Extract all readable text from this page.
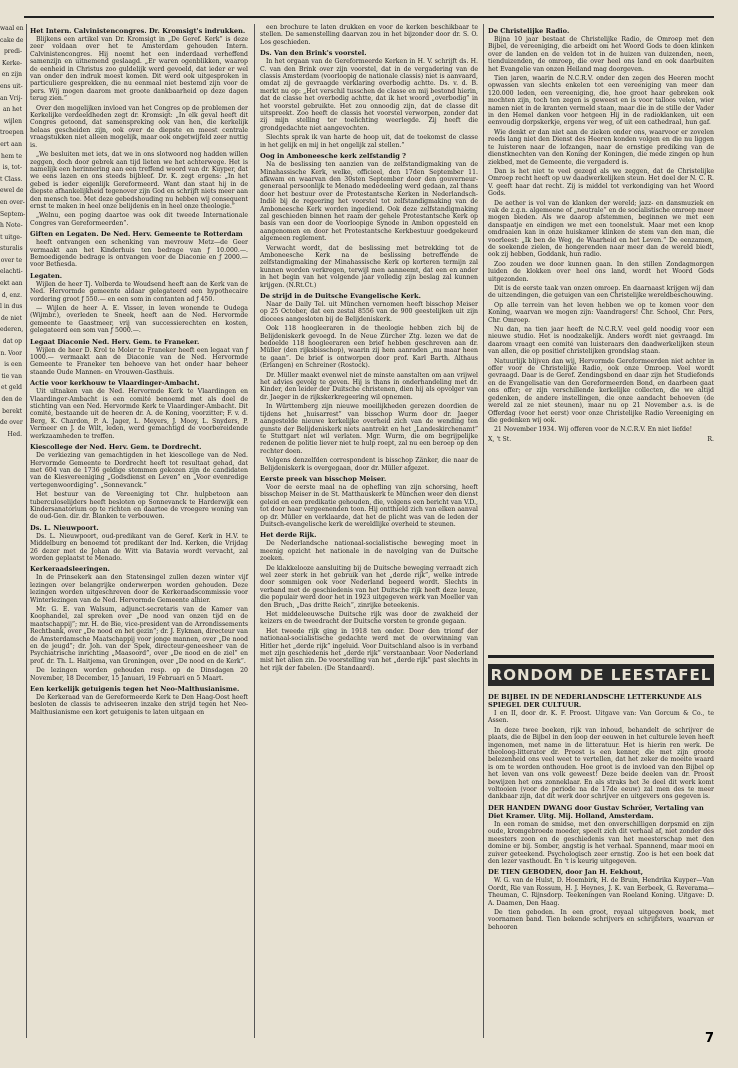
waal en

cake de

predi-

Kerke-

en zijn

ens uit-

an Vrij-

an het

wijlen

troepen

ert aan

hem te

is, tot-

t Class.

ewel de

en over-

Septem-

h Note-

t uitge-

sturalis

over te

elachti-

ekt aan

d, enz.

l in dus

de niet

ederen,

dat op

n. Voor

is een

tie van

et geld

den de

berekt

de over

Hed.

Het Intern. Calvinistencongres. Dr. Kromsigt's indrukken.

Blijkens een artikel van Dr. Kromsigt in „De Geref. Kerk” is deze zeer voldaan over het te Amsterdam gehouden Intern. Calvinistencongres. Hij noemt het een inderdaad verheffend samenzijn en uitnemend geslaagd. „Er waren ogenblikken, waarop de eenheid in Christus zoo guldelijk werd gevoeld, dat ieder er wel van onder den indruk moest komen. Dit werd ook uitgesproken in particuliere gesprekken, die nu eenmaal niet bestemd zijn voor de pers. Wij mogen daarom met groote dankbaarheid op deze dagen terug zien.”

Over den mogelijken invloed van het Congres op de problemen der Kerkelijke verdeeldheden zegt dr. Kromsigt: „In elk geval heeft dit Congres getoond, dat samenspreking ook van hen, die kerkelijk helaas gescheiden zijn, ook over de diepste en meest centrale vraagstukken niet alleen mogelijk, maar ook ongetwijfeld zeer nuttig is.

„We besluiten met iets, dat we in ons slotwoord nog hadden willen zeggen, doch door gebrek aan tijd lieten we het achterwege. Het is namelijk een herinnering aan een treffend woord van dr. Kuyper, dat we eens lazen en ons steeds bijbleef. Dr. K. zegt ergens: „In het gebed is ieder eigenlijk Gereformeerd. Want dan staat hij in de diepste afhankelijkheid tegenover zijn God en schrijft niets meer aan den mensch toe. Met deze gebedshouding nu hebben wij consequent ernst te maken in heel onze belijdenis en in heel onze theologie.”

„Welnu, een poging daartoe was ook dit tweede Internationale Congres van Gereformeerden”.

Giften en Legaten. De Ned. Herv. Gemeente te Rotterdam

heeft ontvangen een schenking van mevrouw Metz—de Geer vermaakt aan het Kinderhuis ten bedrage van ƒ 10.000.—. Bemoedigende bedrage is ontvangen voor de Diaconie en ƒ 2000.— voor Bethesda.

Legaten.

Wijlen de heer Tj. Volberda te Woudsend heeft aan de Kerk van de Ned. Hervormde gemeente aldaar gelegateerd een hypothecaire vordering groot ƒ 550.— en een som in contanten ad ƒ 450.

— Wijlen de heer A. E. Visser, in leven wonende te Oudega (Wijmbr.), overleden te Sneek, heeft aan de Ned. Hervormde gemeente te Gaastmeer, vrij van successierechten en kosten, gelegateerd een som van ƒ 5000.—.

Legaat Diaconie Ned. Herv. Gem. te Franeker.

Wijlen de heer D. Krol te Moler te Franeker heeft een legaat van ƒ 1000.— vermaakt aan de Diaconie van de Ned. Hervormde Gemeente te Franeker ten behoeve van het onder haar beheer staande Oude Mannen- en Vrouwen-Gasthuis.

Actie voor kerkhouw te Vlaardinger-Ambacht.

Uit ultnaken van de Ned. Hervormde Kerk te Vlaardingen en Vlaardinger-Ambacht is een comité benoemd met als doel de stichting van een Ned. Hervormde Kerk te Vlaardinger-Ambacht. Dit comité, bestaande uit de heeren dr. A. de Koning, voorzitter; F. v. d. Berg, K. Chardon, P. A. Jager, L. Meyers, J. Mooy, L. Snyders, P. Vermeer en J. de Wilt, leden, werd gemachtigd de voorbereidende werkzaamheden te treffen.

Kiescollege der Ned. Herv. Gem. te Dordrecht.

De verkiezing van gemachtigden in het kiescollege van de Ned. Hervormde Gemeente te Dordrecht heeft tot resultaat gehad, dat met 604 van de 1736 geldige stemmen gekozen zijn de candidaten van de Kiesvereeniging „Godsdienst en Leven” en „Voor evenredige vertegenwoordiging”. „Sonnevanck.”

Het bestuur van de Vereeniging tot Chr. hulpbetoon aan tuberculoselijders heeft besloten op Sonnevanck te Harderwijk een Kindersanatorium op te richten en daartoe de vroegere woning van de oud-Gen. dir. dr. Blanken te verbouwen.

Ds. L. Nieuwpoort.

Ds. L. Nieuwpoort, oud-predikant van de Geref. Kerk in H.V. te Middelburg en benoemd tot predikant der Ind. Kerken, die Vrijdag 26 dezer met de Johan de Witt via Batavia wordt vervacht, zal worden geplaatst te Menado.

Kerkeraadsleeringen.

In de Prinsekerk aan den Statensingel zullen dezen winter vijf lezingen over belangrijke onderwerpen worden gehouden. Deze lezingen worden uitgeschreven door de Kerkeraadscommissie voor Winterlezingen van de Ned. Hervormde Gemeente alhier.

Mr. G. E. van Walsum, adjunct-secretaris van de Kamer van Koophandel, zal spreken over „De nood van onzen tijd en de maatschappij”; mr. H. de Bie, vice-president van de Arrondissements Rechtbank, over „De nood en het gezin”; dr. J. Eykman, directeur van de Amsterdamsche Maatschappij voor jonge mannen, over „De nood en de jeugd”; dr. Joh. van der Spek, directeur-geneesheer van de Psychiatrische inrichting „Maasoord”, over „De nood en de ziel” en prof. dr. Th. L. Haitjema, van Groningen, over „De nood en de Kerk”.

De lezingen worden gehouden resp. op de Dinsdagen 20 November, 18 December, 15 Januari, 19 Februari en 5 Maart.

Een kerkelijk getuigenis tegen het Neo-Malthusianisme.

De Kerkeraad van de Gereformeerde Kerk te Den Haag-Oost heeft besloten de classis te adviseeren inzake den strijd tegen het Neo-Malthusianisme een kort getuigenis te laten uitgaan en

een brochure te laten drukken en voor de kerken beschikbaar te stellen. De samenstelling daarvan zou in het bijzonder door dr. S. O. Los geschieden.

Ds. Van den Brink's voorstel.

In het orgaan van de Gereformeerde Kerken in H. V. schrijft ds. H. C. van den Brink over zijn voorstel, dat in de vergadering van de classis Amsterdam (voorloopig de nationale classis) niet is aanvaard, omdat zij de gevraagde verklaring overbodig achtte. Ds. v. d. B. merkt nu op: „Het verschil tusschen de classe en mij bestond hierin, dat de classe het overbodig achtte, dat ik het woord „overbodig” in het voorstel gebruikte. Het zou onnoodig zijn, dat de classe dit uitspreekt. Zoo heeft de classis het voorstel verworpen, zonder dat zij mijn stelling ter toelichting weerlegde. Zij heeft die grondgedachte niet aangevochten.

Slechts sprak ik van harte de hoop uit, dat de toekomst de classe in het gelijk en mij in het ongelijk zal stellen.”

Oog in Amboneesche kerk zelfstandig ?

Na de beslissing ten aanzien van de zelfstandigmaking van de Minahassische Kerk, welke, officieel, den 17den September 11. afkwam en waarvan den 30sten September door den gouverneur-generaal persoonlijk te Menado mededeeling werd gedaan, zal thans door het bestuur over de Protestantsche Kerken in Nederlandsch-Indië bij de regeering het voorstel tot zelfstandigmaking van de Amboneesche Kerk worden ingediend. Ook deze zelfstandigmaking zal geschieden binnen het raam der gehele Protestantsche Kerk op basis van een door de Voorloopige Synode in Ambon opgesteld en aangenomen en door het Protestantsche Kerkbestuur goedgekeurd algemeen reglement.

Verwacht wordt, dat de beslissing met betrekking tot de Amboneesche Kerk na de beslissing betreffende de zelfstandigmaking der Minahassische Kerk op korteren termijn zal kunnen worden verkregen, terwijl men aanneemt, dat een en ander in het begin van het volgende jaar volledig zijn beslag zal kunnen krijgen. (N.Rt.Ct.)

De strijd in de Duitsche Evangelische Kerk.

Naar de Daily Tel. uit München vernomen heeft bisschop Meiser op 25 October, dat een zestal 8556 van de 900 geestelijken uit zijn diocees aangesloten bij de Belijdeniskerk.

Ook 118 hoogleeraren in de theologie hebben zich bij de Belijdeniskerk gevoegd. In de Neue Zürcher Ztg. lezen we dat de bedoelde 118 hoogleeraren een brief hebben geschreven aan dr. Müller (den rijksbisschop), waarin zij hem aanraden „nu maar heen te gaan”. De brief is ontworpen door prof. Karl Barth. Althaus (Erlangen) en Schreiner (Rostock).

Dr. Müller maakt evenwel niet de minste aanstalten om aan vrijwel het advies gevolg te geven. Hij is thans in onderhandeling met dr. Kinder, den leider der Duitsche christenen, dien hij als opvolger van dr. Jaeger in de rijkskerkregeering wil opnemen.

In Württemberg zijn nieuwe moeilijkheden gerezen doordien de tijdens het „huisarrest” van bisschop Wurm door dr. Jaeger aangestelde nieuwe kerkelijke overheid zich van de wending ten gunste der Belijdeniskerk niets aantrekt en het „Landeskirchenamt” te Stuttgart niet wil verlaten. Mgr. Wurm, die om begrijpelijke redenen de politie liever niet te hulp roept, zal nu een beroep op den rechter doen.

Volgens denzelfden correspondent is bisschop Zänker, die naar de Belijdeniskerk is overgegaan, door dr. Müller afgezet.

Eerste preek van bisschop Meiser.

Voor de eerste maal na de ophefling van zijn schorsing, heeft bisschop Meiser in de St. Matthauskerk te München weer den dienst geleid en een predikatie gehouden, die, volgens een bericht van V.D., tot door haar vergeenenden toon. Hij ontthield zich van elken aanval op dr. Müller en verklaarde, dat het de plicht was van de leden der Duitsch-evangelische kerk de wereldlijke overheid te steunen.

Het derde Rijk.

De Nederlandsche nationaal-socialistische beweging moet in meenig opzicht het nationale in de navolging van de Duitsche zoeken.

De klakkelooze aansluiting bij de Duitsche beweging verraadt zich wel zeer sterk in het gebruik van het „derde rijk”, welke intrede door sommigen ook voor Nederland begeerd wordt. Slechts in verband met de geschiedenis van het Duitsche rijk heeft deze leuze, die populair werd door het in 1923 uitgegeven werk van Moeller van den Bruch, „Das dritte Reich”, zinrijke beteekenis.

Het middeleeuwsche Duitsche rijk was door de zwakheid der keizers en de tweedracht der Duitsche vorsten te gronde gegaan.

Het tweede rijk ging in 1918 ten onder. Door den triomf der nationaal-socialistische gedachte werd met de overwinning van Hitler het „derde rijk” ingeluid. Voor Duitschland alsoo is in verband met zijn geschiedenis het „derde rijk” verstaanbaar. Voor Nederland mist het alien zin. De voorstelling van het „derde rijk” past slechts in het rijk der fabelen. (De Standaard).

De Christelijke Radio.

Bijna 10 jaar bestaat de Christelijke Radio, de Omroep met den Bijbel, de vereeniging, die arbeidt om het Woord Gods te doen klinken over de landen en de velden tot in de huizen van duizenden, neen, tienduizenden, de omroep, die over heel ons land en ook daarbuiten het Evangelie van onzen Heiland mag doorgeven.

Tien jaren, waarin de N.C.R.V. onder den zegen des Heeren mocht opwassen van slechts enkelen tot een vereeniging van meer dan 120.000 leden, een vereeniging, die, hoe groot haar gebreken ook mochten zijn, toch ten zegen is geweest en is voor talloos velen, wier namen niet in de kranten vermeld staan, maar die in de stille der Vader in den Hemel danken voor hetgeen Hij in de radioklanken, uit een eenvoudig dorpskerkje, ergens ver weg, of uit een cathedraal, hun gaf.

Wie denkt er dan niet aan de zieken onder ons, waarvoor er zovelen reeds lang niet den Dienst des Heeren konden volgen en die nu liggen te luisteren naar de lofzangen, naar de ernstige prediking van de dienstknechten van den Koning der Koningen, die mede zingen op hun ziekbed, met de Gemeente, die vergaderd is.

Dan is het niet te veel gezegd als we zeggen, dat de Christelijke Omroep recht heeft op uw daadwerkelijken steun. Het doel der N. C. R. V. geeft haar dat recht. Zij is middel tot verkondiging van het Woord Gods.

De aether is vol van de klanken der wereld; jazz- en dansmuziek en vak de z.g.n. algemeene of „neutrale” en de socialistische omroep meer mogen bieden. Als we daarop afstemmen, beginnen we met een danspaatje en eindigen we met een toonelstuk. Maar met een knop omdraaien kan in onze huiskamer klinken de stem van den man, die voorleest: „Ik ben de Weg, de Waarheid en het Leven.” De eenzamen, de soekende zielen, de hongerenden naar meer dan de wereld biedt, ook zij hebben, Goddank, hun radio.

Zoo zouden we door kunnen gaan. In den stillen Zondagmorgen luiden de klokken over heel ons land, wordt het Woord Gods uitgezonden.

Dit is de eerste taak van onzen omroep. En daarnaast krijgen wij dan de uitzendingen, die getuigen van een Christelijke wereldbeschouwing.

Op alle terrein van het leven hebben we op te komen voor den Koning, waarvan we mogen zijn: Vaandragers! Chr. School, Chr. Pers, Chr. Omroep.

Nu dan, na tien jaar heeft de N.C.R.V. veel geld noodig voor een nieuwe studio. Het is noodzakelijk. Anders wordt niet gevraagd. Im daarom vraagt een comité van luisteraars den daadwerkelijken steun van allen, die op positief christelijken grondslag staan.

Natuurlijk blijven dan wij, Hervormde Gereformeerden niet achter in offer voor de Christelijke Radio, ook onze Omroep. Veel wordt gevraagd. Daar is de Geref. Zendingsbond en daar zijn het Studiefonds en de Evangelisatie van den Gereformeerden Bond, en daarbeen gaat ons offer; er zijn verschillende kerkelijke collecten, die we altijd gedenken, de andere instellingen, die onze aandacht behoeven (de wereld zal ze niet steunen), maar nu op 21 November a.s. is de Offerdag (voor het eerst) voor onze Christelijke Radio Vereeniging en die gedenken wij ook.

21 November 1934. Wij offeren voor de N.C.R.V. En niet liefde!

X, 't St.	R.
RONDOM DE LEESTAFEL
DE BIJBEL IN DE NEDERLANDSCHE LETTERKUNDE ALS SPIEGEL DER CULTUUR.

I en II, door dr. K. F. Proost. Uitgave van: Van Gorcum & Co., te Assen.

In deze twee boeken, rijk van inhoud, behandelt de schrijver de plaats, die de Bijbel in den loop der eeuwen in het culturele leven heeft ingenomen, met name in de litteratuur. Het is hierin ren werk. De theoloog-litterator dr. Proost is een kenner, die met zijn groote belezenheid ons veel weet te vertellen, dat het zeker de moeite waard is om te worden onthouden. Hoe groot is de invloed van den Bijbel op het leven van ons volk geweest! Deze beide deelen van dr. Proost bewijzen het ons zonneklaar. En als straks het 3e deel dit werk komt voltooien (voor de periode na de 17de eeuw) zal men des te meer dankbaar zijn, dat dit werk door schrijver en uitgevers ons gegeven is.

DER HANDEN DWANG door Gustav Schröer, Vertaling van Diet Kramer. Uitg. Mij. Holland, Amsterdam.

In een roman de smidse, met den onverschilligen dorpsmid en zijn oude, kromgebroede moeder, speelt zich dit verhaal af, niet zonder des meesters zoon en de geschiedenis van het meesterschap met den domine er bij. Somber, angstig is het verhaal. Spannend, maar mooi en zuiver geteekend. Psychologisch zeer ernstig. Zoo is het een boek dat den lezer vasthoudt. En 't is keurig uitgegeven.

DE TIEN GEBODEN, door Jan H. Eekhout,

W. G. van de Hulst, D. Hoembirk, H. de Bruin, Hendrika Kuyper—Van Oordt, Rie van Rossum, H. J. Heynes, J. K. van Eerbeek, G. Reverama—Theuman, C. Rijnsdorp. Teekeningen van Roeland Koning. Uitgave: D. A. Daamen, Den Haag.

De tien geboden. In een groot, royaal uitgegeven boek, met voornamen band. Tien bekende schrijvers en schrijfsters, waarvan er behooren

7
